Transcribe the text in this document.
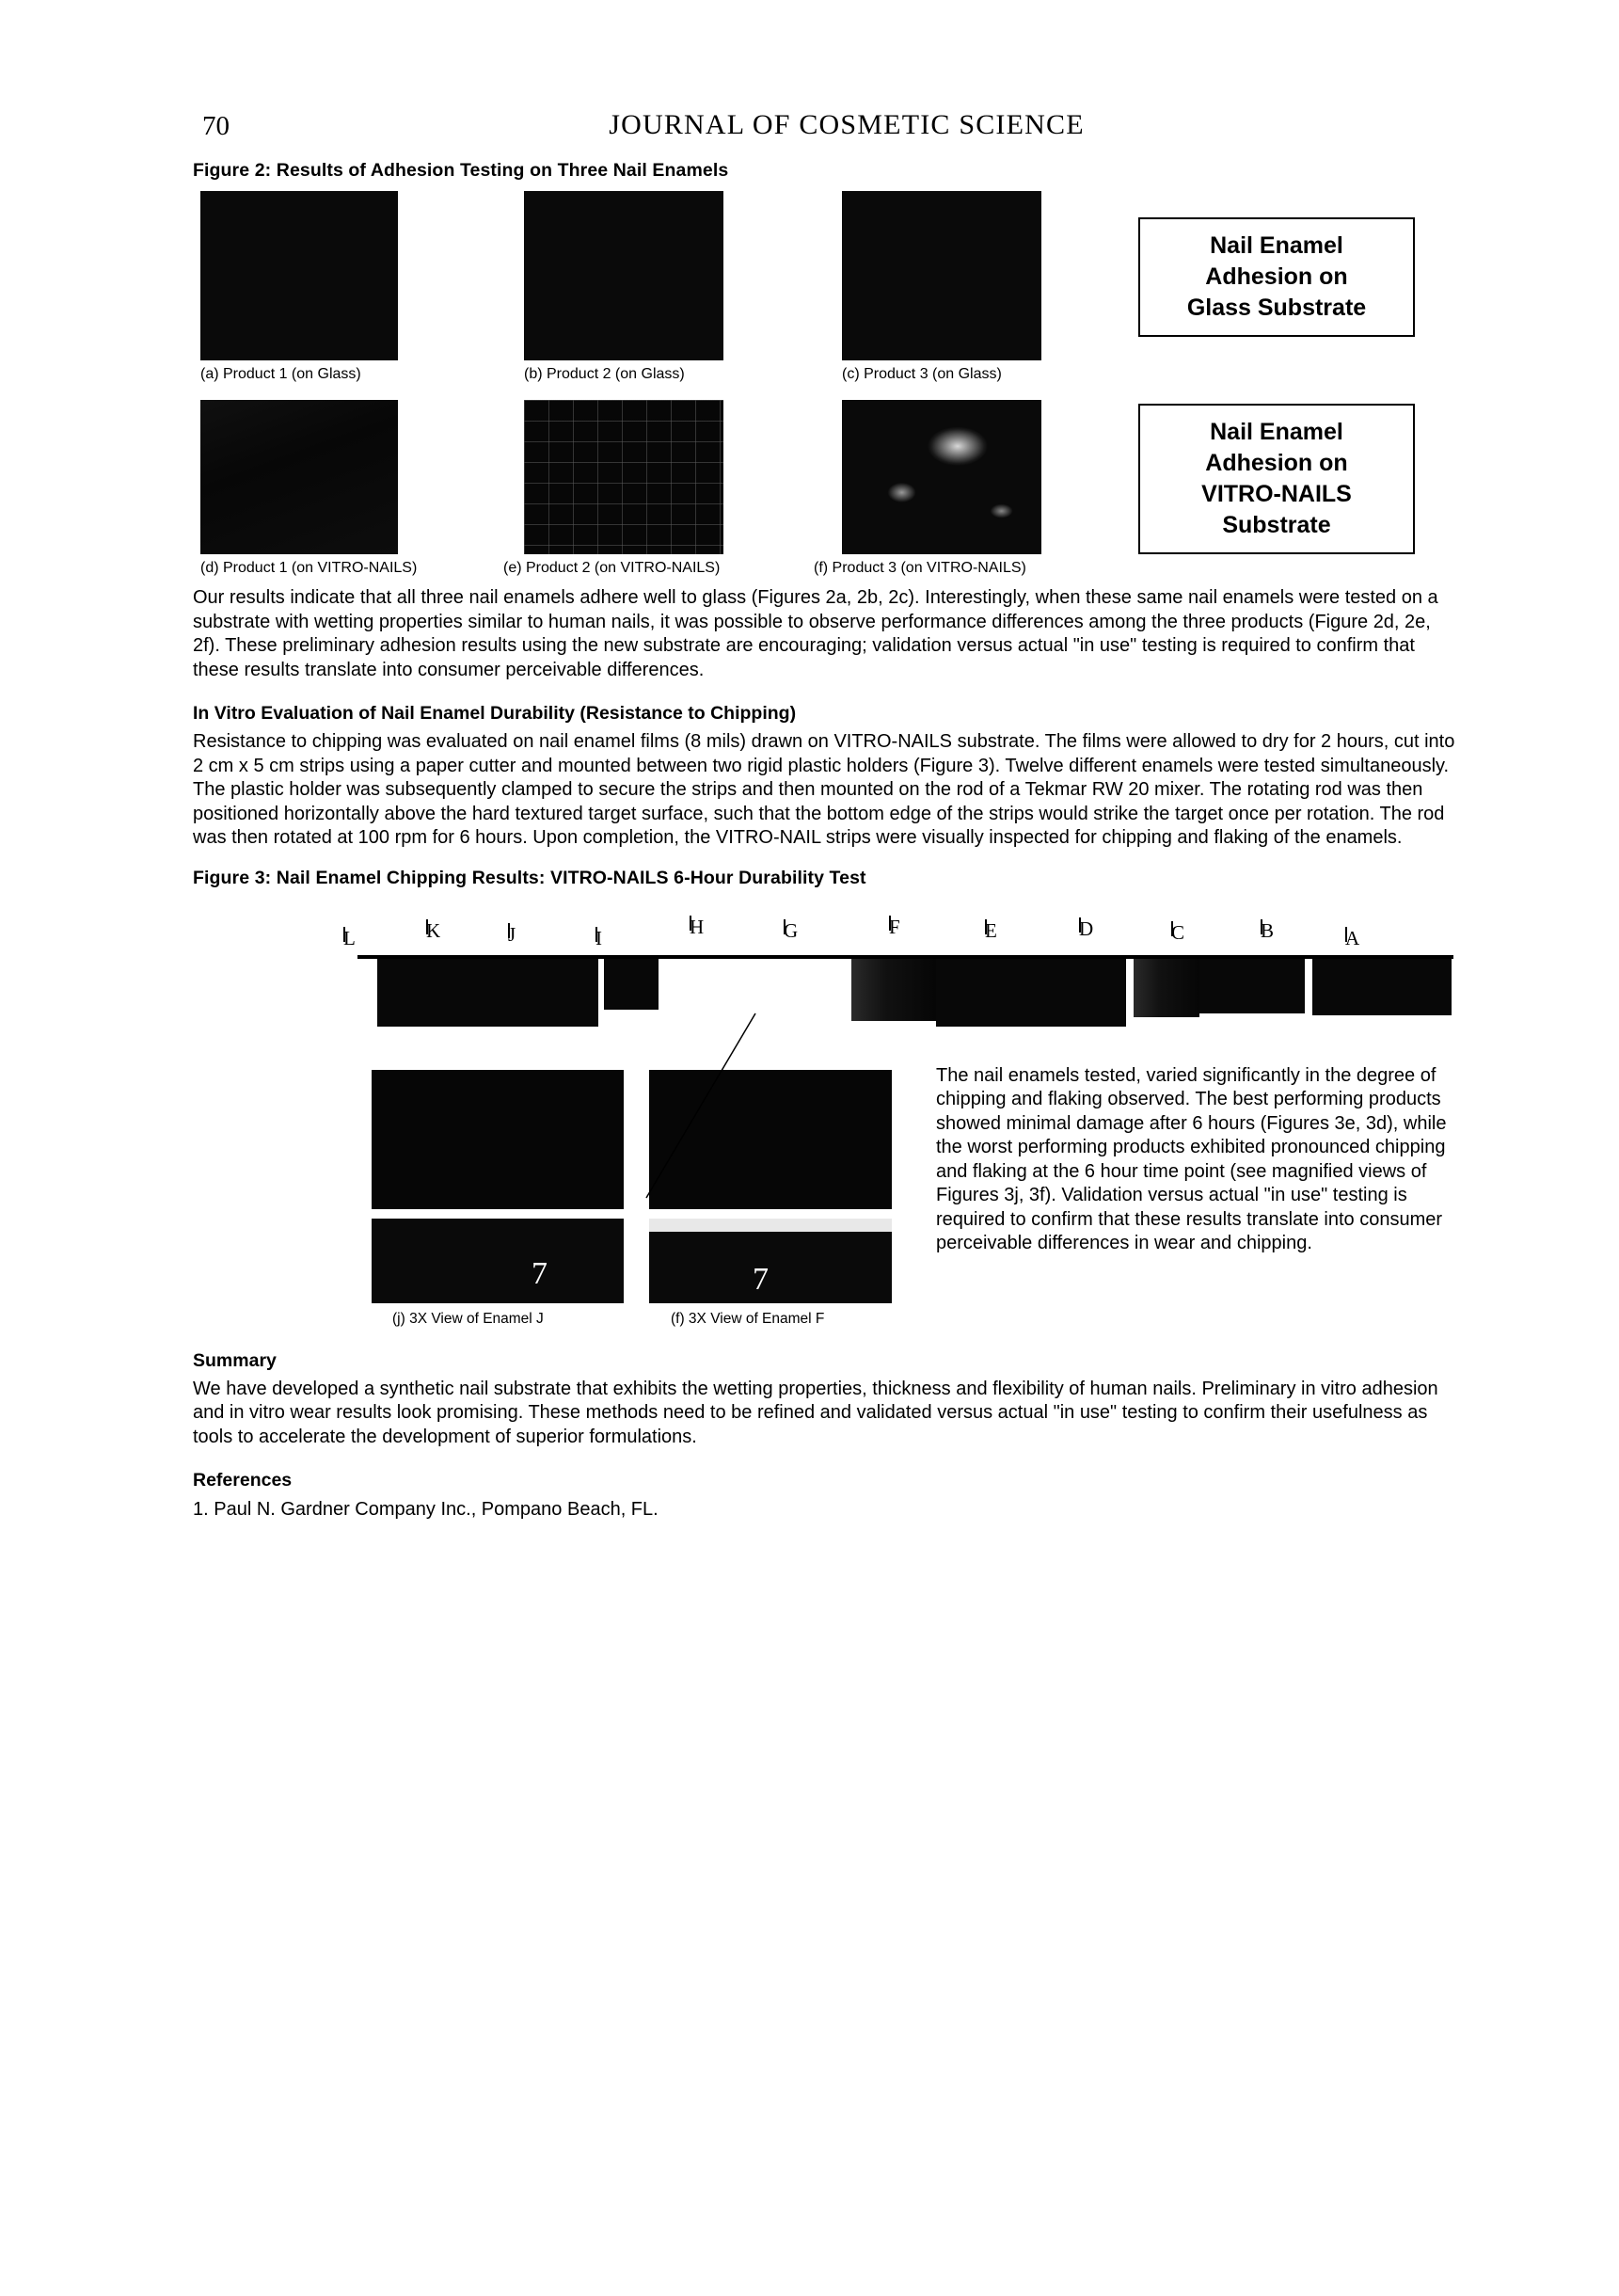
70	JOURNAL OF COSMETIC SCIENCE
Figure 2: Results of Adhesion Testing on Three Nail Enamels
(a) Product 1 (on Glass)	(b) Product 2 (on Glass)	(c) Product 3 (on Glass)
(d) Product 1 (on VITRO-NAILS)	(e) Product 2 (on VITRO-NAILS)	(f) Product 3 (on VITRO-NAILS)
Nail Enamel
Adhesion on
Glass Substrate
Nail Enamel
Adhesion on
VITRO-NAILS
Substrate

Our results indicate that all three nail enamels adhere well to glass (Figures 2a, 2b, 2c). Interestingly, when these same nail enamels were tested on a substrate with wetting properties similar to human nails, it was possible to observe performance differences among the three products (Figure 2d, 2e, 2f). These preliminary adhesion results using the new substrate are encouraging; validation versus actual "in use" testing is required to confirm that these results translate into consumer perceivable differences.

In Vitro Evaluation of Nail Enamel Durability (Resistance to Chipping)

Resistance to chipping was evaluated on nail enamel films (8 mils) drawn on VITRO-NAILS substrate. The films were allowed to dry for 2 hours, cut into 2 cm x 5 cm strips using a paper cutter and mounted between two rigid plastic holders (Figure 3). Twelve different enamels were tested simultaneously. The plastic holder was subsequently clamped to secure the strips and then mounted on the rod of a Tekmar RW 20 mixer. The rotating rod was then positioned horizontally above the hard textured target surface, such that the bottom edge of the strips would strike the target once per rotation. The rod was then rotated at 100 rpm for 6 hours. Upon completion, the VITRO-NAIL strips were visually inspected for chipping and flaking of the enamels.

Figure 3: Nail Enamel Chipping Results: VITRO-NAILS 6-Hour Durability Test
L	K	J	I	H	G	F	E	D	C	B	A
7	7
(j) 3X View of Enamel J	(f) 3X View of Enamel F
The nail enamels tested, varied significantly in the degree of chipping and flaking observed. The best performing products showed minimal damage after 6 hours (Figures 3e, 3d), while the worst performing products exhibited pronounced chipping and flaking at the 6 hour time point (see magnified views of Figures 3j, 3f). Validation versus actual "in use" testing is required to confirm that these results translate into consumer perceivable differences in wear and chipping.
Summary

We have developed a synthetic nail substrate that exhibits the wetting properties, thickness and flexibility of human nails. Preliminary in vitro adhesion and in vitro wear results look promising. These methods need to be refined and validated versus actual "in use" testing to confirm their usefulness as tools to accelerate the development of superior formulations.

References
1. Paul N. Gardner Company Inc., Pompano Beach, FL.
